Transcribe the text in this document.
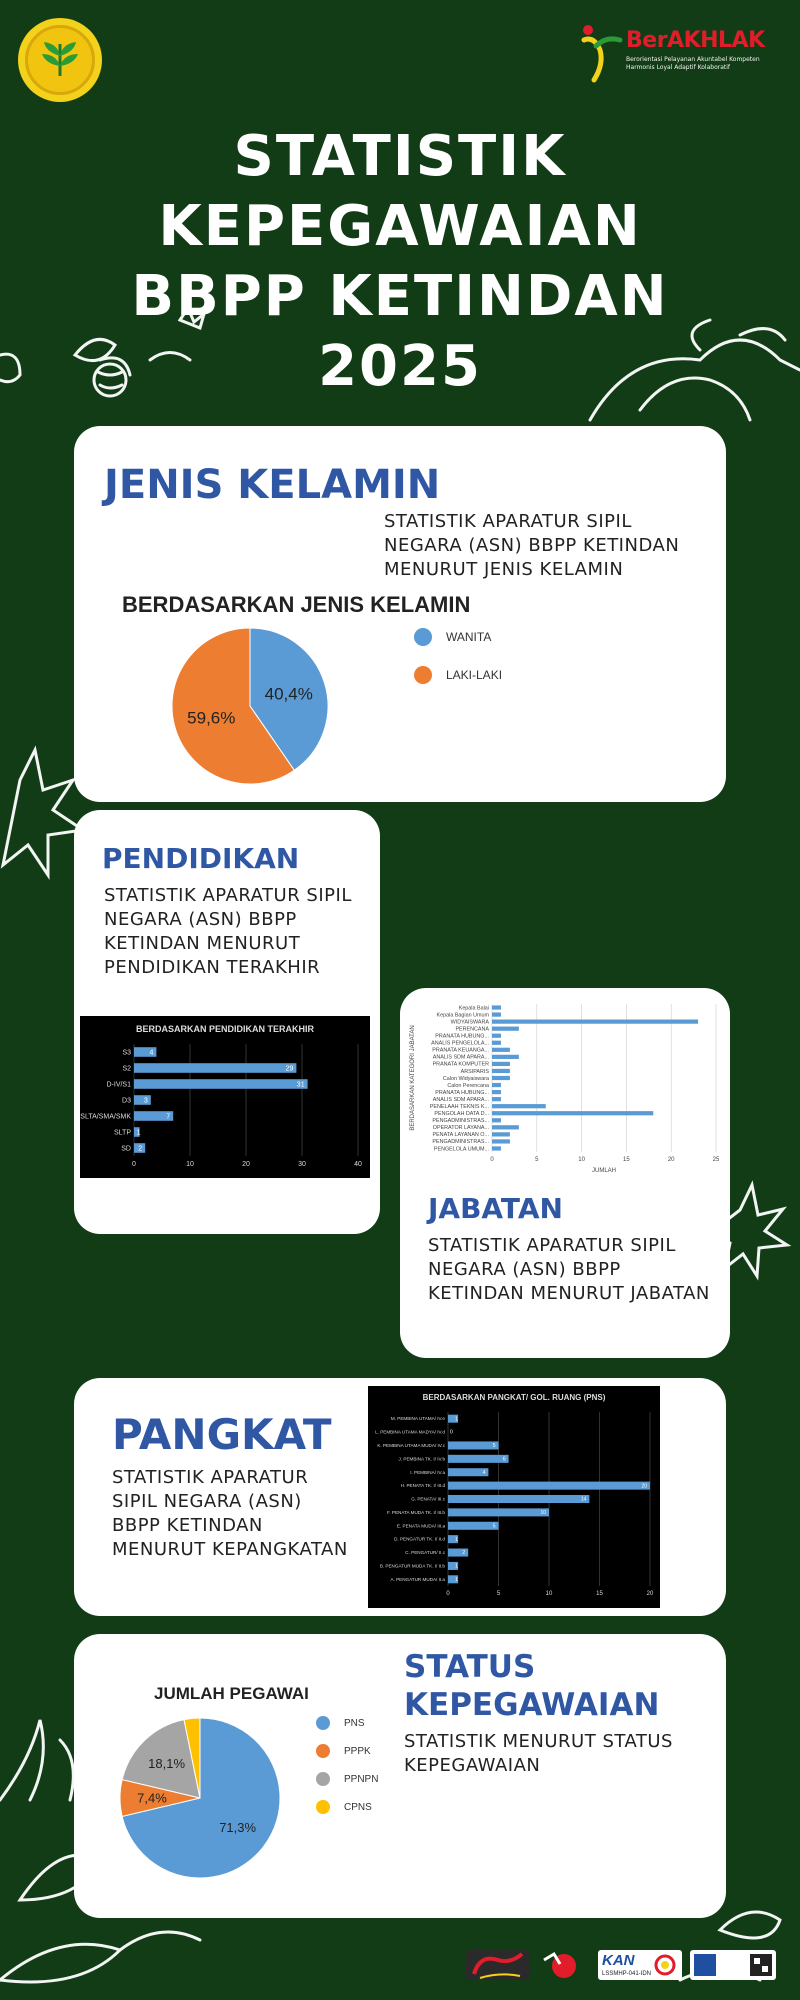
BerAKHLAK
Berorientasi Pelayanan Akuntabel Kompeten Harmonis Loyal Adaptif Kolaboratif
STATISTIK
KEPEGAWAIAN
BBPP KETINDAN
2025
JENIS KELAMIN
STATISTIK APARATUR SIPIL NEGARA (ASN) BBPP KETINDAN MENURUT JENIS KELAMIN
BERDASARKAN JENIS KELAMIN
40,4%
59,6%
WANITA
LAKI-LAKI
PENDIDIKAN
STATISTIK APARATUR SIPIL NEGARA (ASN) BBPP KETINDAN MENURUT PENDIDIKAN TERAKHIR
BERDASARKAN PENDIDIKAN TERAKHIR
0	10	20	30	40
S3	4
S2	29
D-IV/S1	31
D3 3
SLTA/SMA/SMK	7
SLTP 1
SD 2
0	5	10	15	20	25
Kepala Balai
Kepala Bagian Umum
WIDYAISWARA
PERENCANA
PRANATA HUBUNG...
ANALIS PENGELOLA...
PRANATA KEUANGA...
ANALIS SDM APARA...
PRANATA KOMPUTER
ARSIPARIS
Calon Widyaiswara
Calon Perencana
PRANATA HUBUNG...
ANALIS SDM APARA...
PENELAAH TEKNIS K...
PENGOLAH DATA D...
PENGADMINISTRAS...
OPERATOR LAYANA...
PENATA LAYANAN O...
PENGADMINISTRAS...
PENGELOLA UMUM...
JUMLAH
BERDASARKAN KATEGORI JABATAN
JABATAN
STATISTIK APARATUR SIPIL NEGARA (ASN) BBPP KETINDAN MENURUT JABATAN
PANGKAT
STATISTIK APARATUR SIPIL NEGARA (ASN) BBPP KETINDAN MENURUT KEPANGKATAN
BERDASARKAN PANGKAT/ GOL. RUANG (PNS)
0	5	10	15	20
M. PEMBINA UTAMA/ IV.e 1
L. PEMBINA UTAMA MADYA/ IV.d 0
K. PEMBINA UTAMA MUDA/ IV.c	5
J. PEMBINA TK. I/ IV.b	6
I. PEMBINA/ IV.a	4
H. PENATA TK. I/ III.d	20
G. PENATA/ III.c	14
F. PENATA MUDA TK. I/ III.b	10
E. PENATA MUDA/ III.a	5
D. PENGATUR TK. I/ II.d 1
C. PENGATUR/ II.c	2
B. PENGATUR MUDA TK. I/ II.b 1
A. PENGATUR MUDA/ II.a 1
JUMLAH PEGAWAI
71,3%
7,4%
18,1%
PNS
PPPK
PPNPN
CPNS
STATUS
KEPEGAWAIAN
STATISTIK MENURUT STATUS KEPEGAWAIAN
KAN
LSSMHP-041-IDN
